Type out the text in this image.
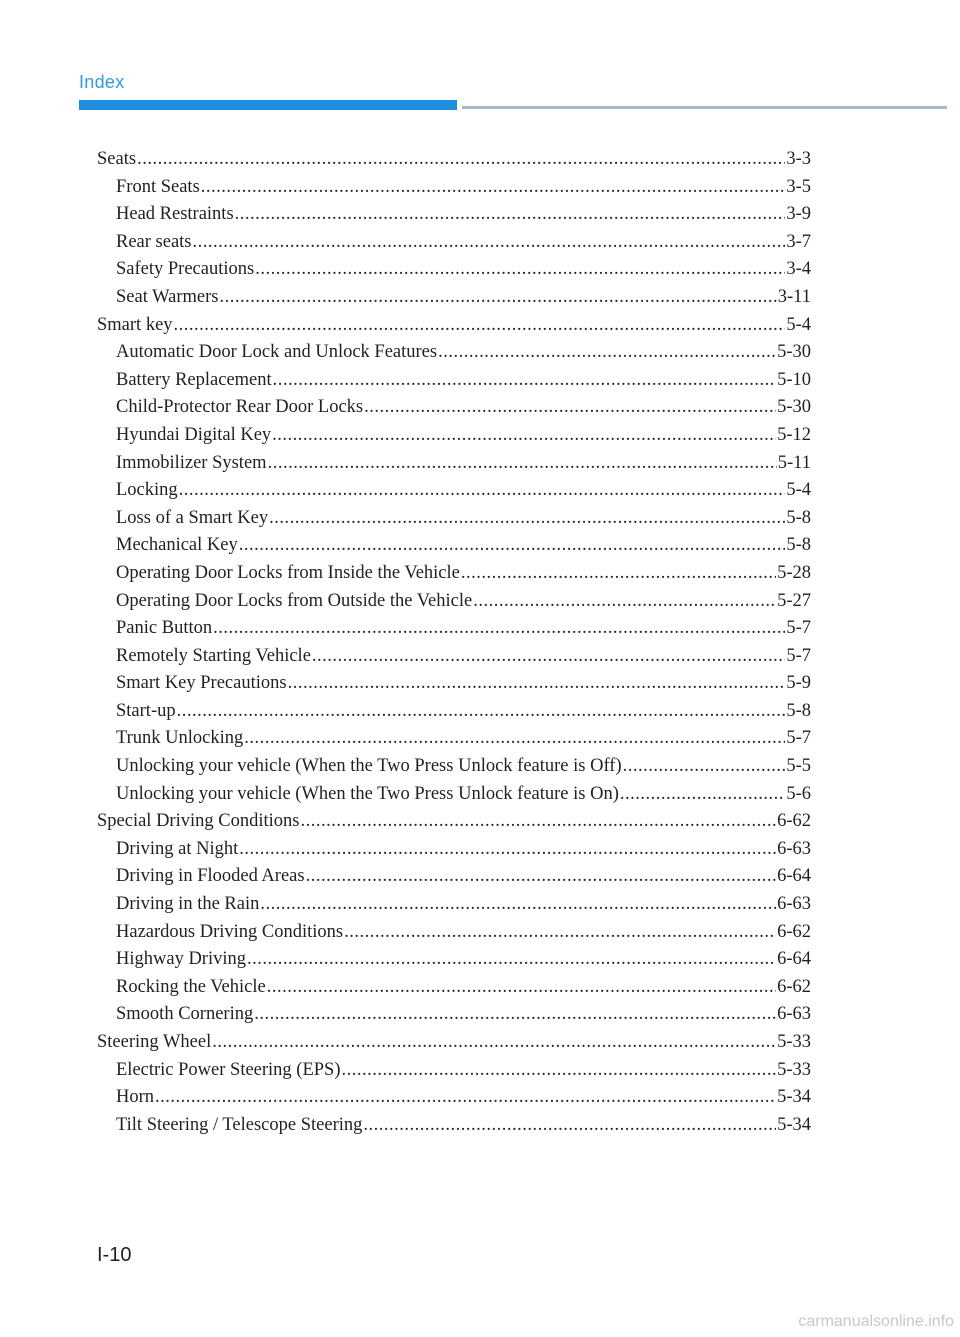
Index
Seats .....	3-3
Front Seats .....	3-5
Head Restraints .....	3-9
Rear seats .....	3-7
Safety Precautions .....	3-4
Seat Warmers .....	3-11
Smart key .....	5-4
Automatic Door Lock and Unlock Features .....	5-30
Battery Replacement .....	5-10
Child-Protector Rear Door Locks .....	5-30
Hyundai Digital Key .....	5-12
Immobilizer System .....	5-11
Locking .....	5-4
Loss of a Smart Key .....	5-8
Mechanical Key .....	5-8
Operating Door Locks from Inside the Vehicle .....	5-28
Operating Door Locks from Outside the Vehicle .....	5-27
Panic Button .....	5-7
Remotely Starting Vehicle .....	5-7
Smart Key Precautions .....	5-9
Start-up .....	5-8
Trunk Unlocking .....	5-7
Unlocking your vehicle (When the Two Press Unlock feature is Off) .....	5-5
Unlocking your vehicle (When the Two Press Unlock feature is On) .....	5-6
Special Driving Conditions .....	6-62
Driving at Night .....	6-63
Driving in Flooded Areas .....	6-64
Driving in the Rain .....	6-63
Hazardous Driving Conditions .....	6-62
Highway Driving .....	6-64
Rocking the Vehicle .....	6-62
Smooth Cornering .....	6-63
Steering Wheel .....	5-33
Electric Power Steering (EPS) .....	5-33
Horn .....	5-34
Tilt Steering / Telescope Steering .....	5-34
I-10
carmanualsonline.info
